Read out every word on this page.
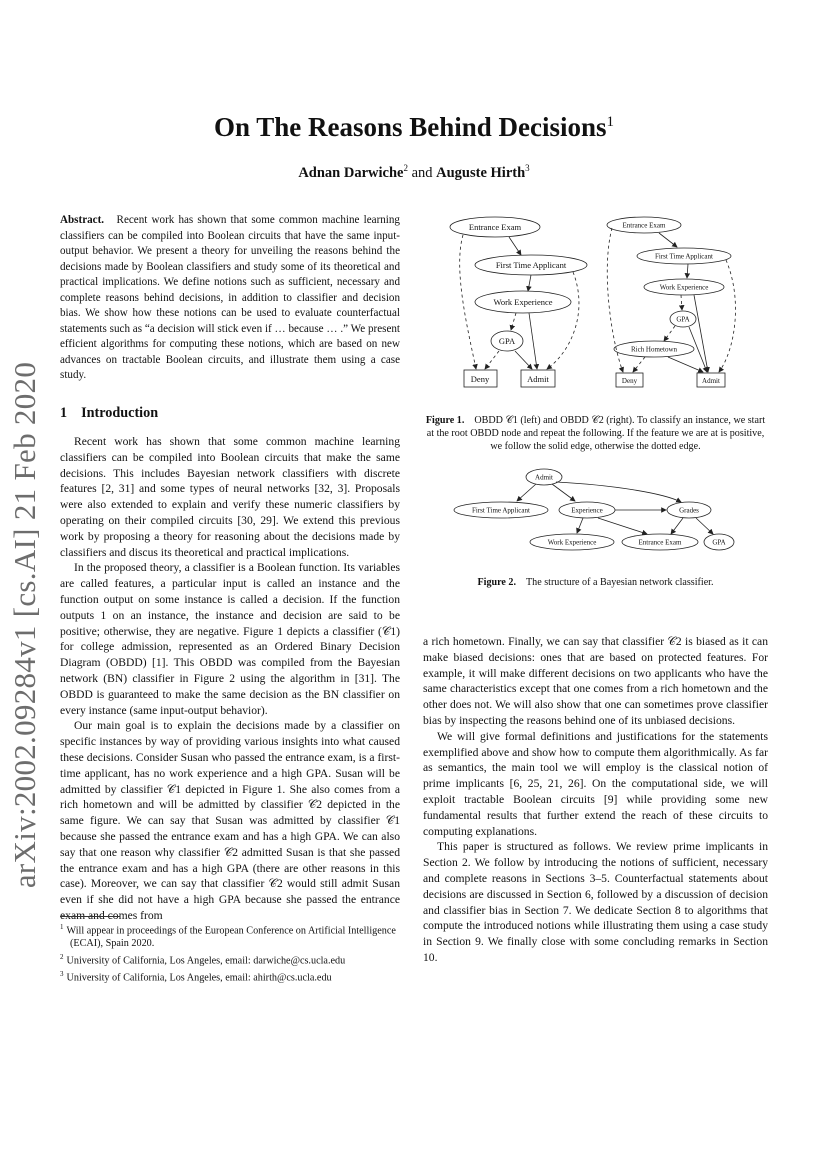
On The Reasons Behind Decisions$^1$
Adnan Darwiche$^2$ and Auguste Hirth$^3$
arXiv:2002.09284v1 [cs.AI] 21 Feb 2020
Abstract. Recent work has shown that some common machine learning classifiers can be compiled into Boolean circuits that have the same input-output behavior. We present a theory for unveiling the reasons behind the decisions made by Boolean classifiers and study some of its theoretical and practical implications. We define notions such as sufficient, necessary and complete reasons behind decisions, in addition to classifier and decision bias. We show how these notions can be used to evaluate counterfactual statements such as “a decision will stick even if … because … .” We present efficient algorithms for computing these notions, which are based on new advances on tractable Boolean circuits, and illustrate them using a case study.
1 Introduction

Recent work has shown that some common machine learning classifiers can be compiled into Boolean circuits that make the same decisions. This includes Bayesian network classifiers with discrete features [2, 31] and some types of neural networks [32, 3]. Proposals were also extended to explain and verify these numeric classifiers by operating on their compiled circuits [30, 29]. We extend this previous work by proposing a theory for reasoning about the decisions made by classifiers and discus its theoretical and practical implications.

In the proposed theory, a classifier is a Boolean function. Its variables are called features, a particular input is called an instance and the function output on some instance is called a decision. If the function outputs 1 on an instance, the instance and decision are said to be positive; otherwise, they are negative. Figure 1 depicts a classifier (𝒞1) for college admission, represented as an Ordered Binary Decision Diagram (OBDD) [1]. This OBDD was compiled from the Bayesian network (BN) classifier in Figure 2 using the algorithm in [31]. The OBDD is guaranteed to make the same decision as the BN classifier on every instance (same input-output behavior).

Our main goal is to explain the decisions made by a classifier on specific instances by way of providing various insights into what caused these decisions. Consider Susan who passed the entrance exam, is a first-time applicant, has no work experience and a high GPA. Susan will be admitted by classifier 𝒞1 depicted in Figure 1. She also comes from a rich hometown and will be admitted by classifier 𝒞2 depicted in the same figure. We can say that Susan was admitted by classifier 𝒞1 because she passed the entrance exam and has a high GPA. We can also say that one reason why classifier 𝒞2 admitted Susan is that she passed the entrance exam and has a high GPA (there are other reasons in this case). Moreover, we can say that classifier 𝒞2 would still admit Susan even if she did not have a high GPA because she passed the entrance exam and comes from

$^1$ Will appear in proceedings of the European Conference on Artificial Intelligence (ECAI), Spain 2020.
$^2$ University of California, Los Angeles, email: darwiche@cs.ucla.edu
$^3$ University of California, Los Angeles, email: ahirth@cs.ucla.edu
Entrance Exam
First Time Applicant
Work Experience
GPA
Deny	Admit
Entrance Exam
First Time Applicant
Work Experience
GPA
Rich Hometown
Deny	Admit
Figure 1. OBDD 𝒞1 (left) and OBDD 𝒞2 (right). To classify an instance, we start at the root OBDD node and repeat the following. If the feature we are at is positive, we follow the solid edge, otherwise the dotted edge.
Admit
First Time Applicant	Experience	Grades
Work Experience	Entrance Exam	GPA
Figure 2. The structure of a Bayesian network classifier.

a rich hometown. Finally, we can say that classifier 𝒞2 is biased as it can make biased decisions: ones that are based on protected features. For example, it will make different decisions on two applicants who have the same characteristics except that one comes from a rich hometown and the other does not. We will also show that one can sometimes prove classifier bias by inspecting the reasons behind one of its unbiased decisions.

We will give formal definitions and justifications for the statements exemplified above and show how to compute them algorithmically. As far as semantics, the main tool we will employ is the classical notion of prime implicants [6, 25, 21, 26]. On the computational side, we will exploit tractable Boolean circuits [9] while providing some new fundamental results that further extend the reach of these circuits to computing explanations.

This paper is structured as follows. We review prime implicants in Section 2. We follow by introducing the notions of sufficient, necessary and complete reasons in Sections 3–5. Counterfactual statements about decisions are discussed in Section 6, followed by a discussion of decision and classifier bias in Section 7. We dedicate Section 8 to algorithms that compute the introduced notions while illustrating them using a case study in Section 9. We finally close with some concluding remarks in Section 10.
